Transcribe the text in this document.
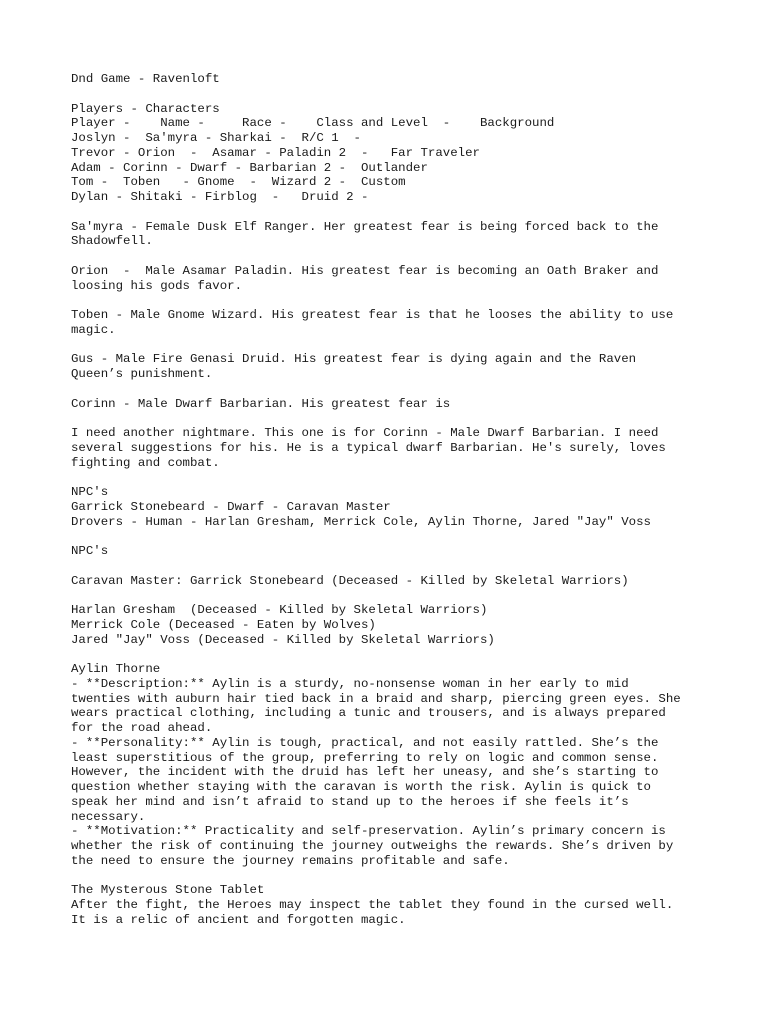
Dnd Game - Ravenloft
Players - Characters
Player -    Name -     Race -    Class and Level  -    Background
Joslyn -  Sa'myra - Sharkai -  R/C 1  -
Trevor - Orion  -  Asamar - Paladin 2  -   Far Traveler
Adam - Corinn - Dwarf - Barbarian 2 -  Outlander
Tom -  Toben   - Gnome  -  Wizard 2 -  Custom
Dylan - Shitaki - Firblog  -   Druid 2 -
Sa'myra - Female Dusk Elf Ranger. Her greatest fear is being forced back to the
Shadowfell.
Orion  -  Male Asamar Paladin. His greatest fear is becoming an Oath Braker and
loosing his gods favor.
Toben - Male Gnome Wizard. His greatest fear is that he looses the ability to use
magic.
Gus - Male Fire Genasi Druid. His greatest fear is dying again and the Raven
Queen’s punishment.
Corinn - Male Dwarf Barbarian. His greatest fear is
I need another nightmare. This one is for Corinn - Male Dwarf Barbarian. I need
several suggestions for his. He is a typical dwarf Barbarian. He's surely, loves
fighting and combat.
NPC's
Garrick Stonebeard - Dwarf - Caravan Master
Drovers - Human - Harlan Gresham, Merrick Cole, Aylin Thorne, Jared "Jay" Voss
NPC's
Caravan Master: Garrick Stonebeard (Deceased - Killed by Skeletal Warriors)
Harlan Gresham  (Deceased - Killed by Skeletal Warriors)
Merrick Cole (Deceased - Eaten by Wolves)
Jared "Jay" Voss (Deceased - Killed by Skeletal Warriors)
Aylin Thorne
- **Description:** Aylin is a sturdy, no-nonsense woman in her early to mid
twenties with auburn hair tied back in a braid and sharp, piercing green eyes. She
wears practical clothing, including a tunic and trousers, and is always prepared
for the road ahead.
- **Personality:** Aylin is tough, practical, and not easily rattled. She’s the
least superstitious of the group, preferring to rely on logic and common sense.
However, the incident with the druid has left her uneasy, and she’s starting to
question whether staying with the caravan is worth the risk. Aylin is quick to
speak her mind and isn’t afraid to stand up to the heroes if she feels it’s
necessary.
- **Motivation:** Practicality and self-preservation. Aylin’s primary concern is
whether the risk of continuing the journey outweighs the rewards. She’s driven by
the need to ensure the journey remains profitable and safe.
The Mysterous Stone Tablet
After the fight, the Heroes may inspect the tablet they found in the cursed well.
It is a relic of ancient and forgotten magic.
